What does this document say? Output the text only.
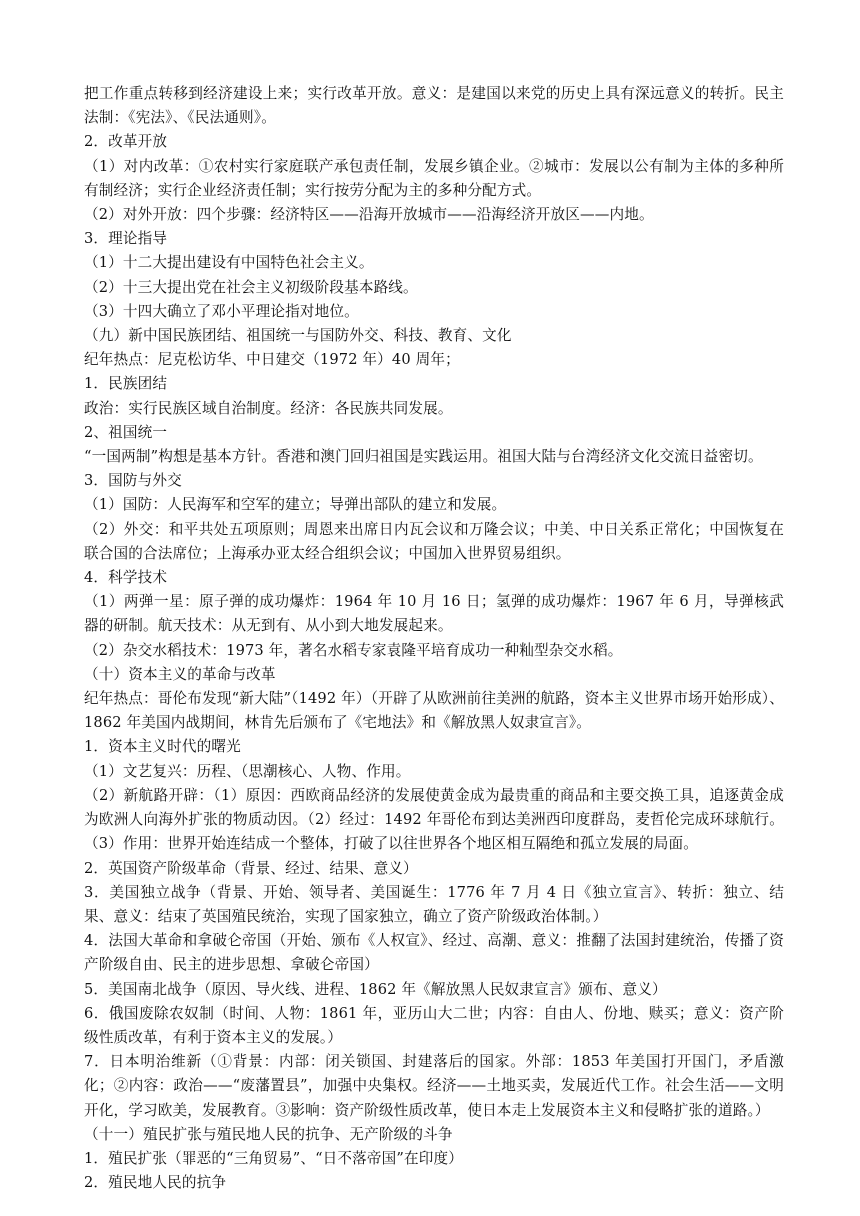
把工作重点转移到经济建设上来；实行改革开放。意义：是建国以来党的历史上具有深远意义的转折。民主法制：《宪法》、《民法通则》。
2．改革开放
（1）对内改革：①农村实行家庭联产承包责任制，发展乡镇企业。②城市：发展以公有制为主体的多种所有制经济；实行企业经济责任制；实行按劳分配为主的多种分配方式。
（2）对外开放：四个步骤：经济特区——沿海开放城市——沿海经济开放区——内地。
3．理论指导
（1）十二大提出建设有中国特色社会主义。
（2）十三大提出党在社会主义初级阶段基本路线。
（3）十四大确立了邓小平理论指对地位。
（九）新中国民族团结、祖国统一与国防外交、科技、教育、文化
纪年热点：尼克松访华、中日建交（1972 年）40 周年；
1．民族团结
政治：实行民族区域自治制度。经济：各民族共同发展。
2、祖国统一
“一国两制”构想是基本方针。香港和澳门回归祖国是实践运用。祖国大陆与台湾经济文化交流日益密切。
3．国防与外交
（1）国防：人民海军和空军的建立；导弹出部队的建立和发展。
（2）外交：和平共处五项原则；周恩来出席日内瓦会议和万隆会议；中美、中日关系正常化；中国恢复在联合国的合法席位；上海承办亚太经合组织会议；中国加入世界贸易组织。
4．科学技术
（1）两弹一星：原子弹的成功爆炸：1964 年 10 月 16 日；氢弹的成功爆炸：1967 年 6 月，导弹核武器的研制。航天技术：从无到有、从小到大地发展起来。
（2）杂交水稻技术：1973 年，著名水稻专家袁隆平培育成功一种籼型杂交水稻。
（十）资本主义的革命与改革
纪年热点：哥伦布发现“新大陆”（1492 年）（开辟了从欧洲前往美洲的航路，资本主义世界市场开始形成）、1862 年美国内战期间，林肯先后颁布了《宅地法》和《解放黑人奴隶宣言》。
1．资本主义时代的曙光
（1）文艺复兴：历程、（思潮核心、人物、作用。
（2）新航路开辟：（1）原因：西欧商品经济的发展使黄金成为最贵重的商品和主要交换工具，追逐黄金成为欧洲人向海外扩张的物质动因。（2）经过：1492 年哥伦布到达美洲西印度群岛，麦哲伦完成环球航行。（3）作用：世界开始连结成一个整体，打破了以往世界各个地区相互隔绝和孤立发展的局面。
2．英国资产阶级革命（背景、经过、结果、意义）
3．美国独立战争（背景、开始、领导者、美国诞生：1776 年 7 月 4 日《独立宣言》、转折：独立、结果、意义：结束了英国殖民统治，实现了国家独立，确立了资产阶级政治体制。）
4．法国大革命和拿破仑帝国（开始、颁布《人权宣》、经过、高潮、意义：推翻了法国封建统治，传播了资产阶级自由、民主的进步思想、拿破仑帝国）
5．美国南北战争（原因、导火线、进程、1862 年《解放黑人民奴隶宣言》颁布、意义）
6．俄国废除农奴制（时间、人物：1861 年，亚历山大二世；内容：自由人、份地、赎买；意义：资产阶级性质改革，有利于资本主义的发展。）
7．日本明治维新（①背景：内部：闭关锁国、封建落后的国家。外部：1853 年美国打开国门，矛盾激化；②内容：政治——“废藩置县”，加强中央集权。经济——土地买卖，发展近代工作。社会生活——文明开化，学习欧美，发展教育。③影响：资产阶级性质改革，使日本走上发展资本主义和侵略扩张的道路。）
（十一）殖民扩张与殖民地人民的抗争、无产阶级的斗争
1．殖民扩张（罪恶的“三角贸易”、“日不落帝国”在印度）
2．殖民地人民的抗争
